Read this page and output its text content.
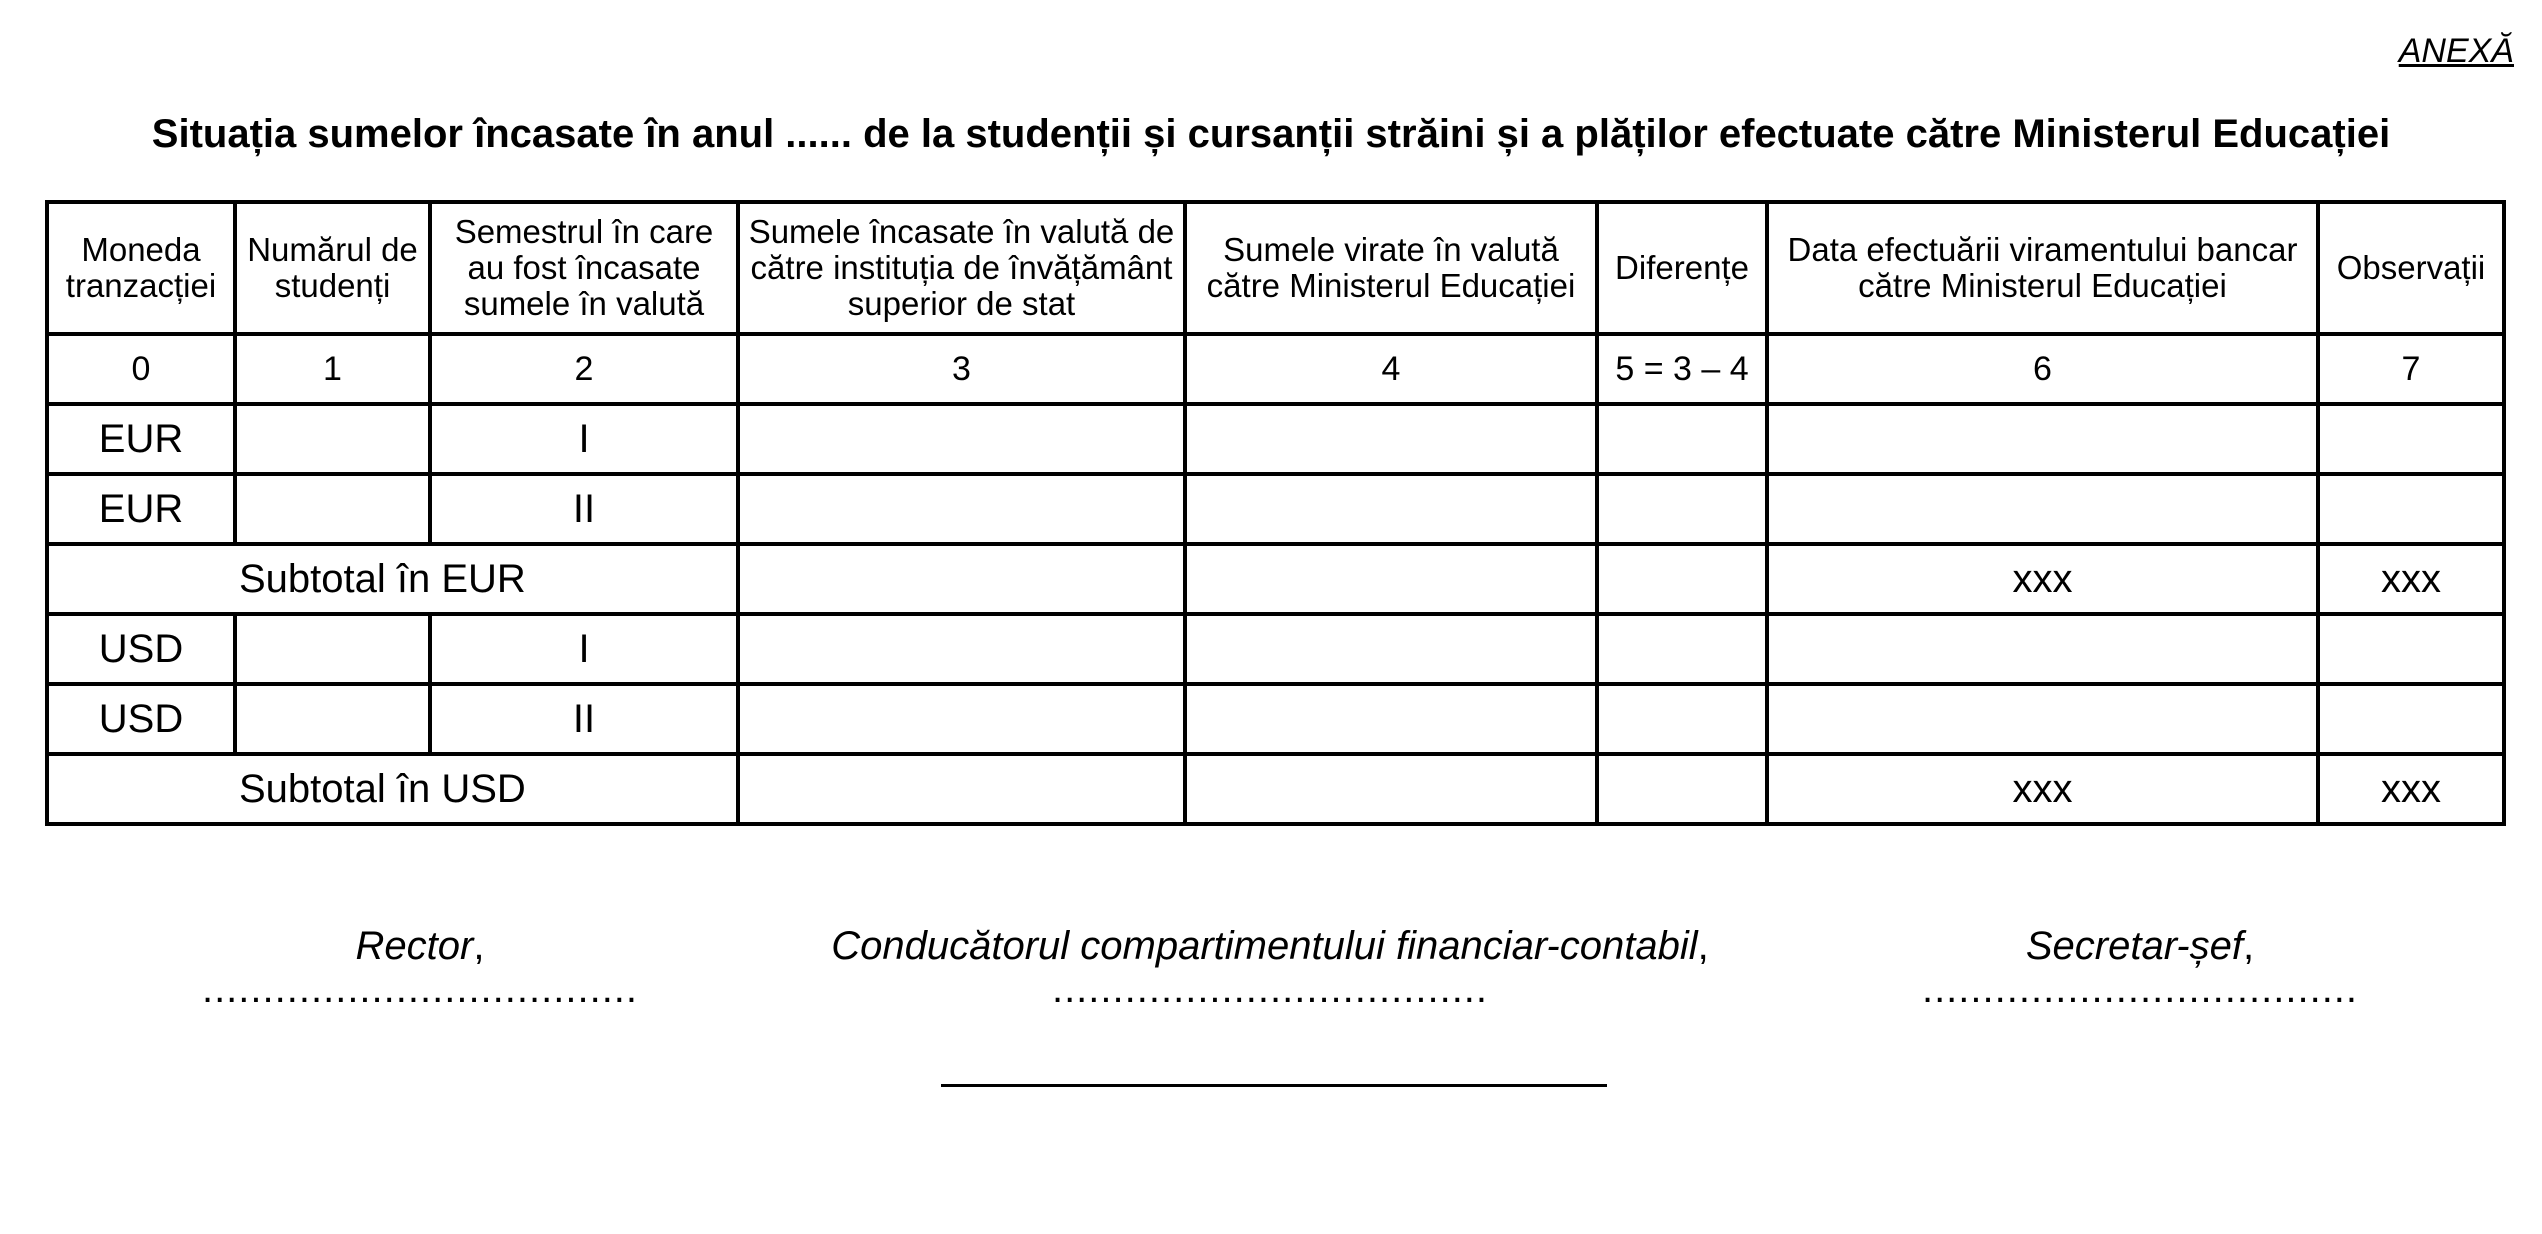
ANEXĂ
Situația sumelor încasate în anul ...... de la studenții și cursanții străini și a plăților efectuate către Ministerul Educației
Moneda tranzacției	Numărul de studenți	Semestrul în care au fost încasate sumele în valută	Sumele încasate în valută de către instituția de învățământ superior de stat	Sumele virate în valută către Ministerul Educației	Diferențe	Data efectuării viramentului bancar către Ministerul Educației	Observații
0	1	2	3	4	5 = 3 – 4	6	7
EUR		I					
EUR		II					
Subtotal în EUR						xxx	xxx
USD		I					
USD		II					
Subtotal în USD						xxx	xxx
Rector,
....................................
Conducătorul compartimentului financiar-contabil,
....................................
Secretar-șef,
....................................
